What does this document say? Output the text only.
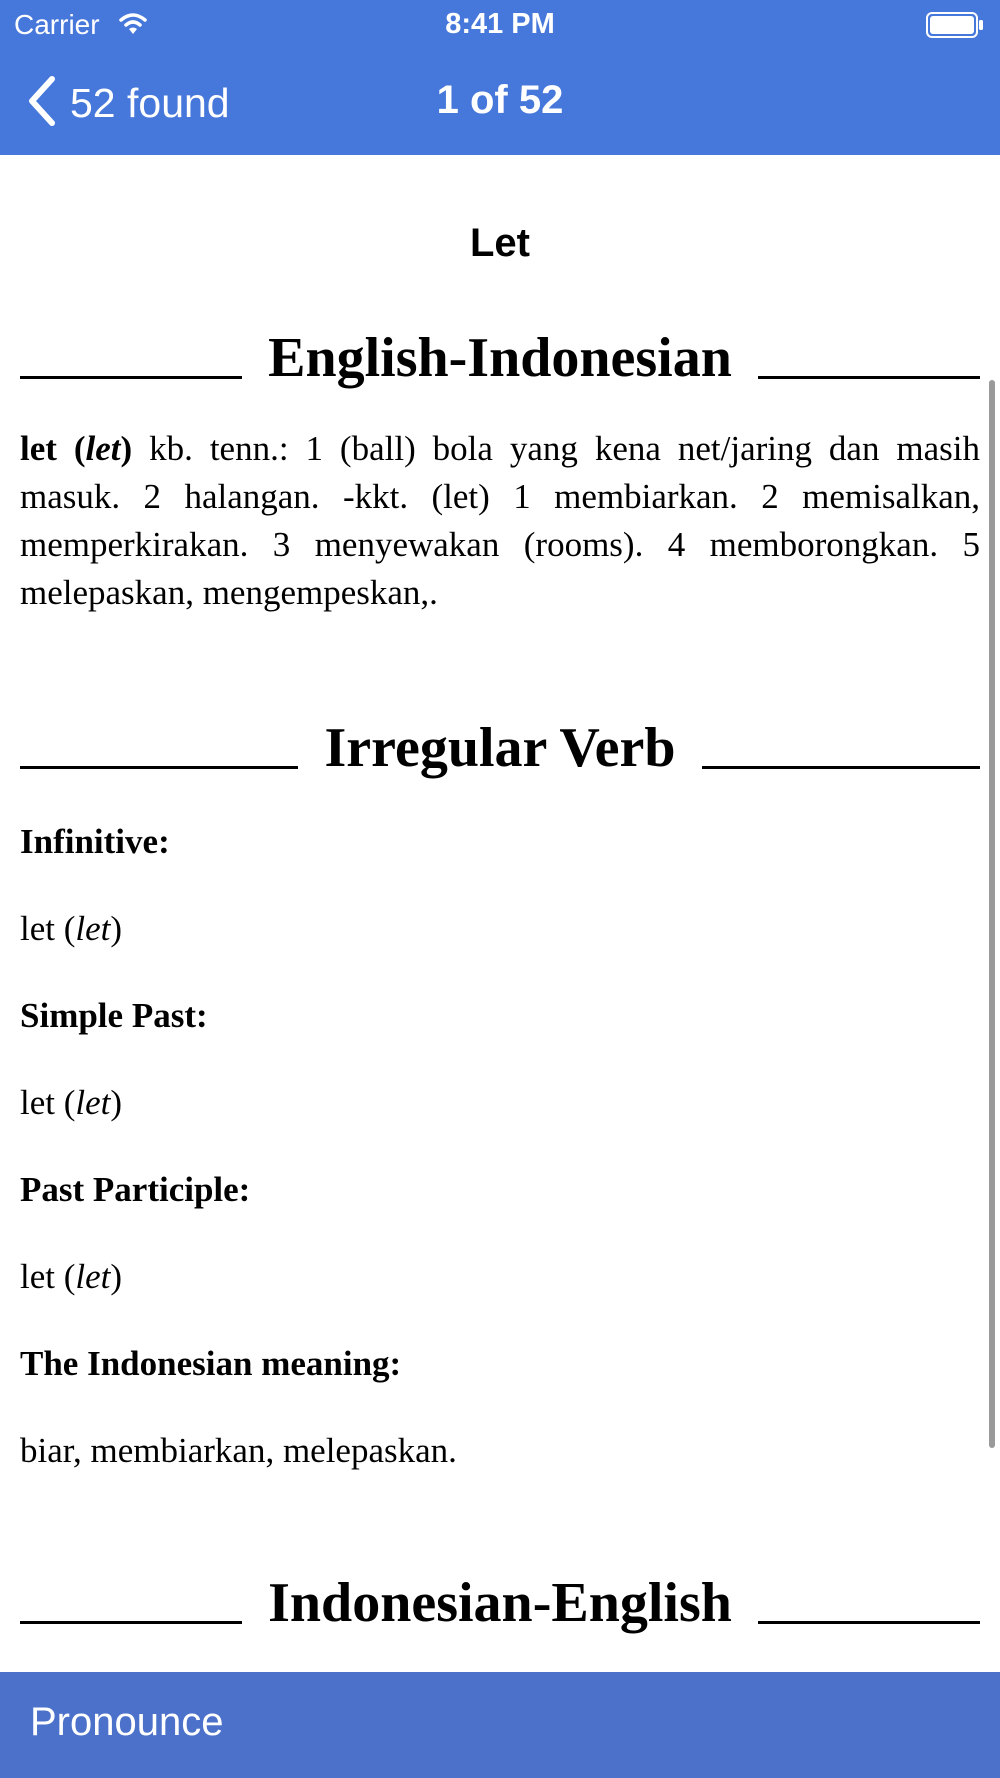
Carrier	8:41 PM
52 found	1 of 52
Let
English-Indonesian
let (let) kb. tenn.: 1 (ball) bola yang kena net/jaring dan masih masuk. 2 halangan. -kkt. (let) 1 membiarkan. 2 memisalkan, memperkirakan. 3 menyewakan (rooms). 4 memborongkan. 5 melepaskan, mengempeskan,.
Irregular Verb
Infinitive:
let (let)
Simple Past:
let (let)
Past Participle:
let (let)
The Indonesian meaning:
biar, membiarkan, melepaskan.
Indonesian-English
Pronounce
